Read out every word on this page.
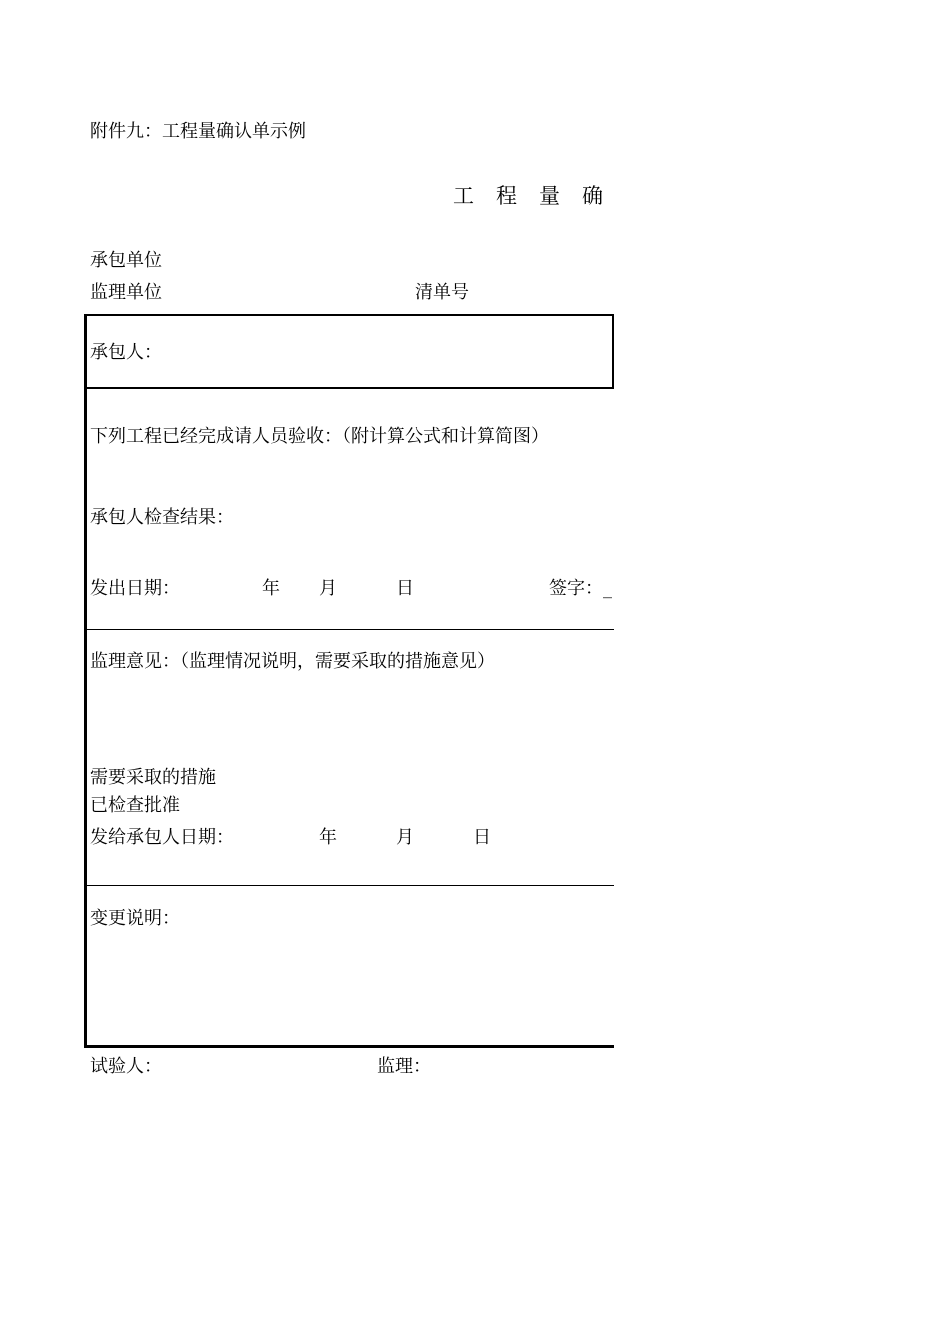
附件九：工程量确认单示例
工程量确
承包单位
监理单位	清单号
承包人：
下列工程已经完成请人员验收：（附计算公式和计算简图）
承包人检查结果：
发出日期：	年 月	日	签字：_
监理意见：（监理情况说明，需要采取的措施意见）
需要采取的措施
已检查批准
发给承包人日期：	年	月	日
变更说明：
试验人：	监理：
